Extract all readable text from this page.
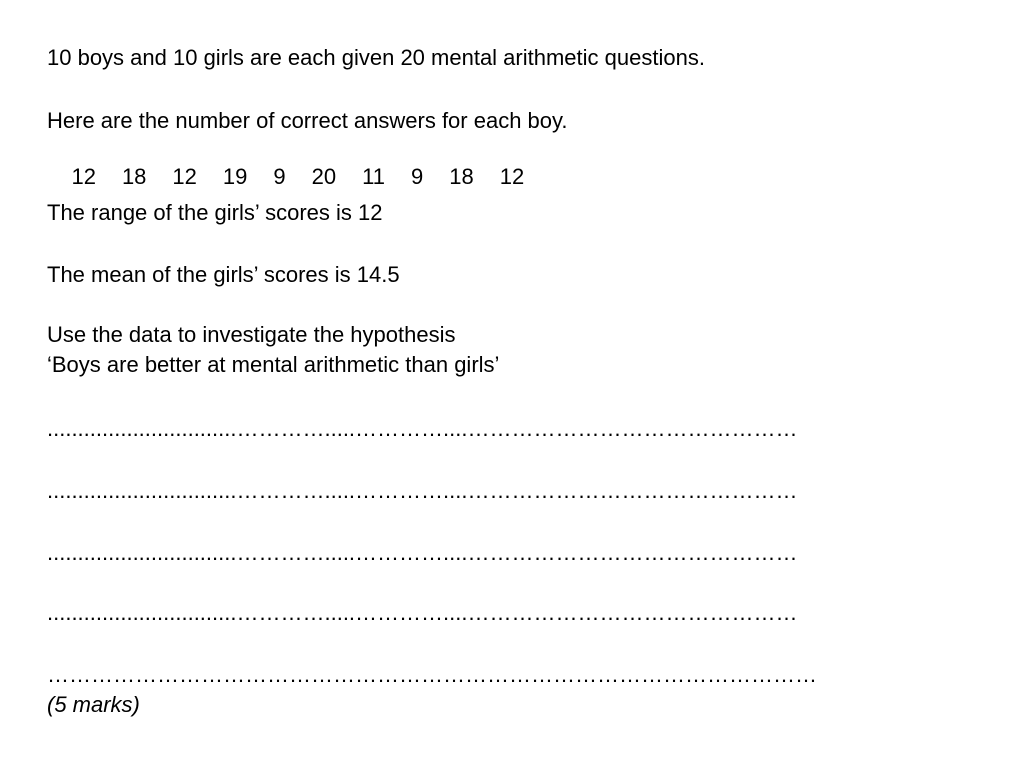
10 boys and 10 girls are each given 20 mental arithmetic questions.
Here are the number of correct answers for each boy.

12 18 12 19 9 20 11 9 18 12

The range of the girls’ scores is 12
The mean of the girls’ scores is 14.5
Use the data to investigate the hypothesis
‘Boys are better at mental arithmetic than girls’
...............................………….....…………....………………………………………
...............................………….....…………....………………………………………
...............................………….....…………....………………………………………
...............................………….....…………....………………………………………
……………………………………………………………………………………………
(5 marks)
